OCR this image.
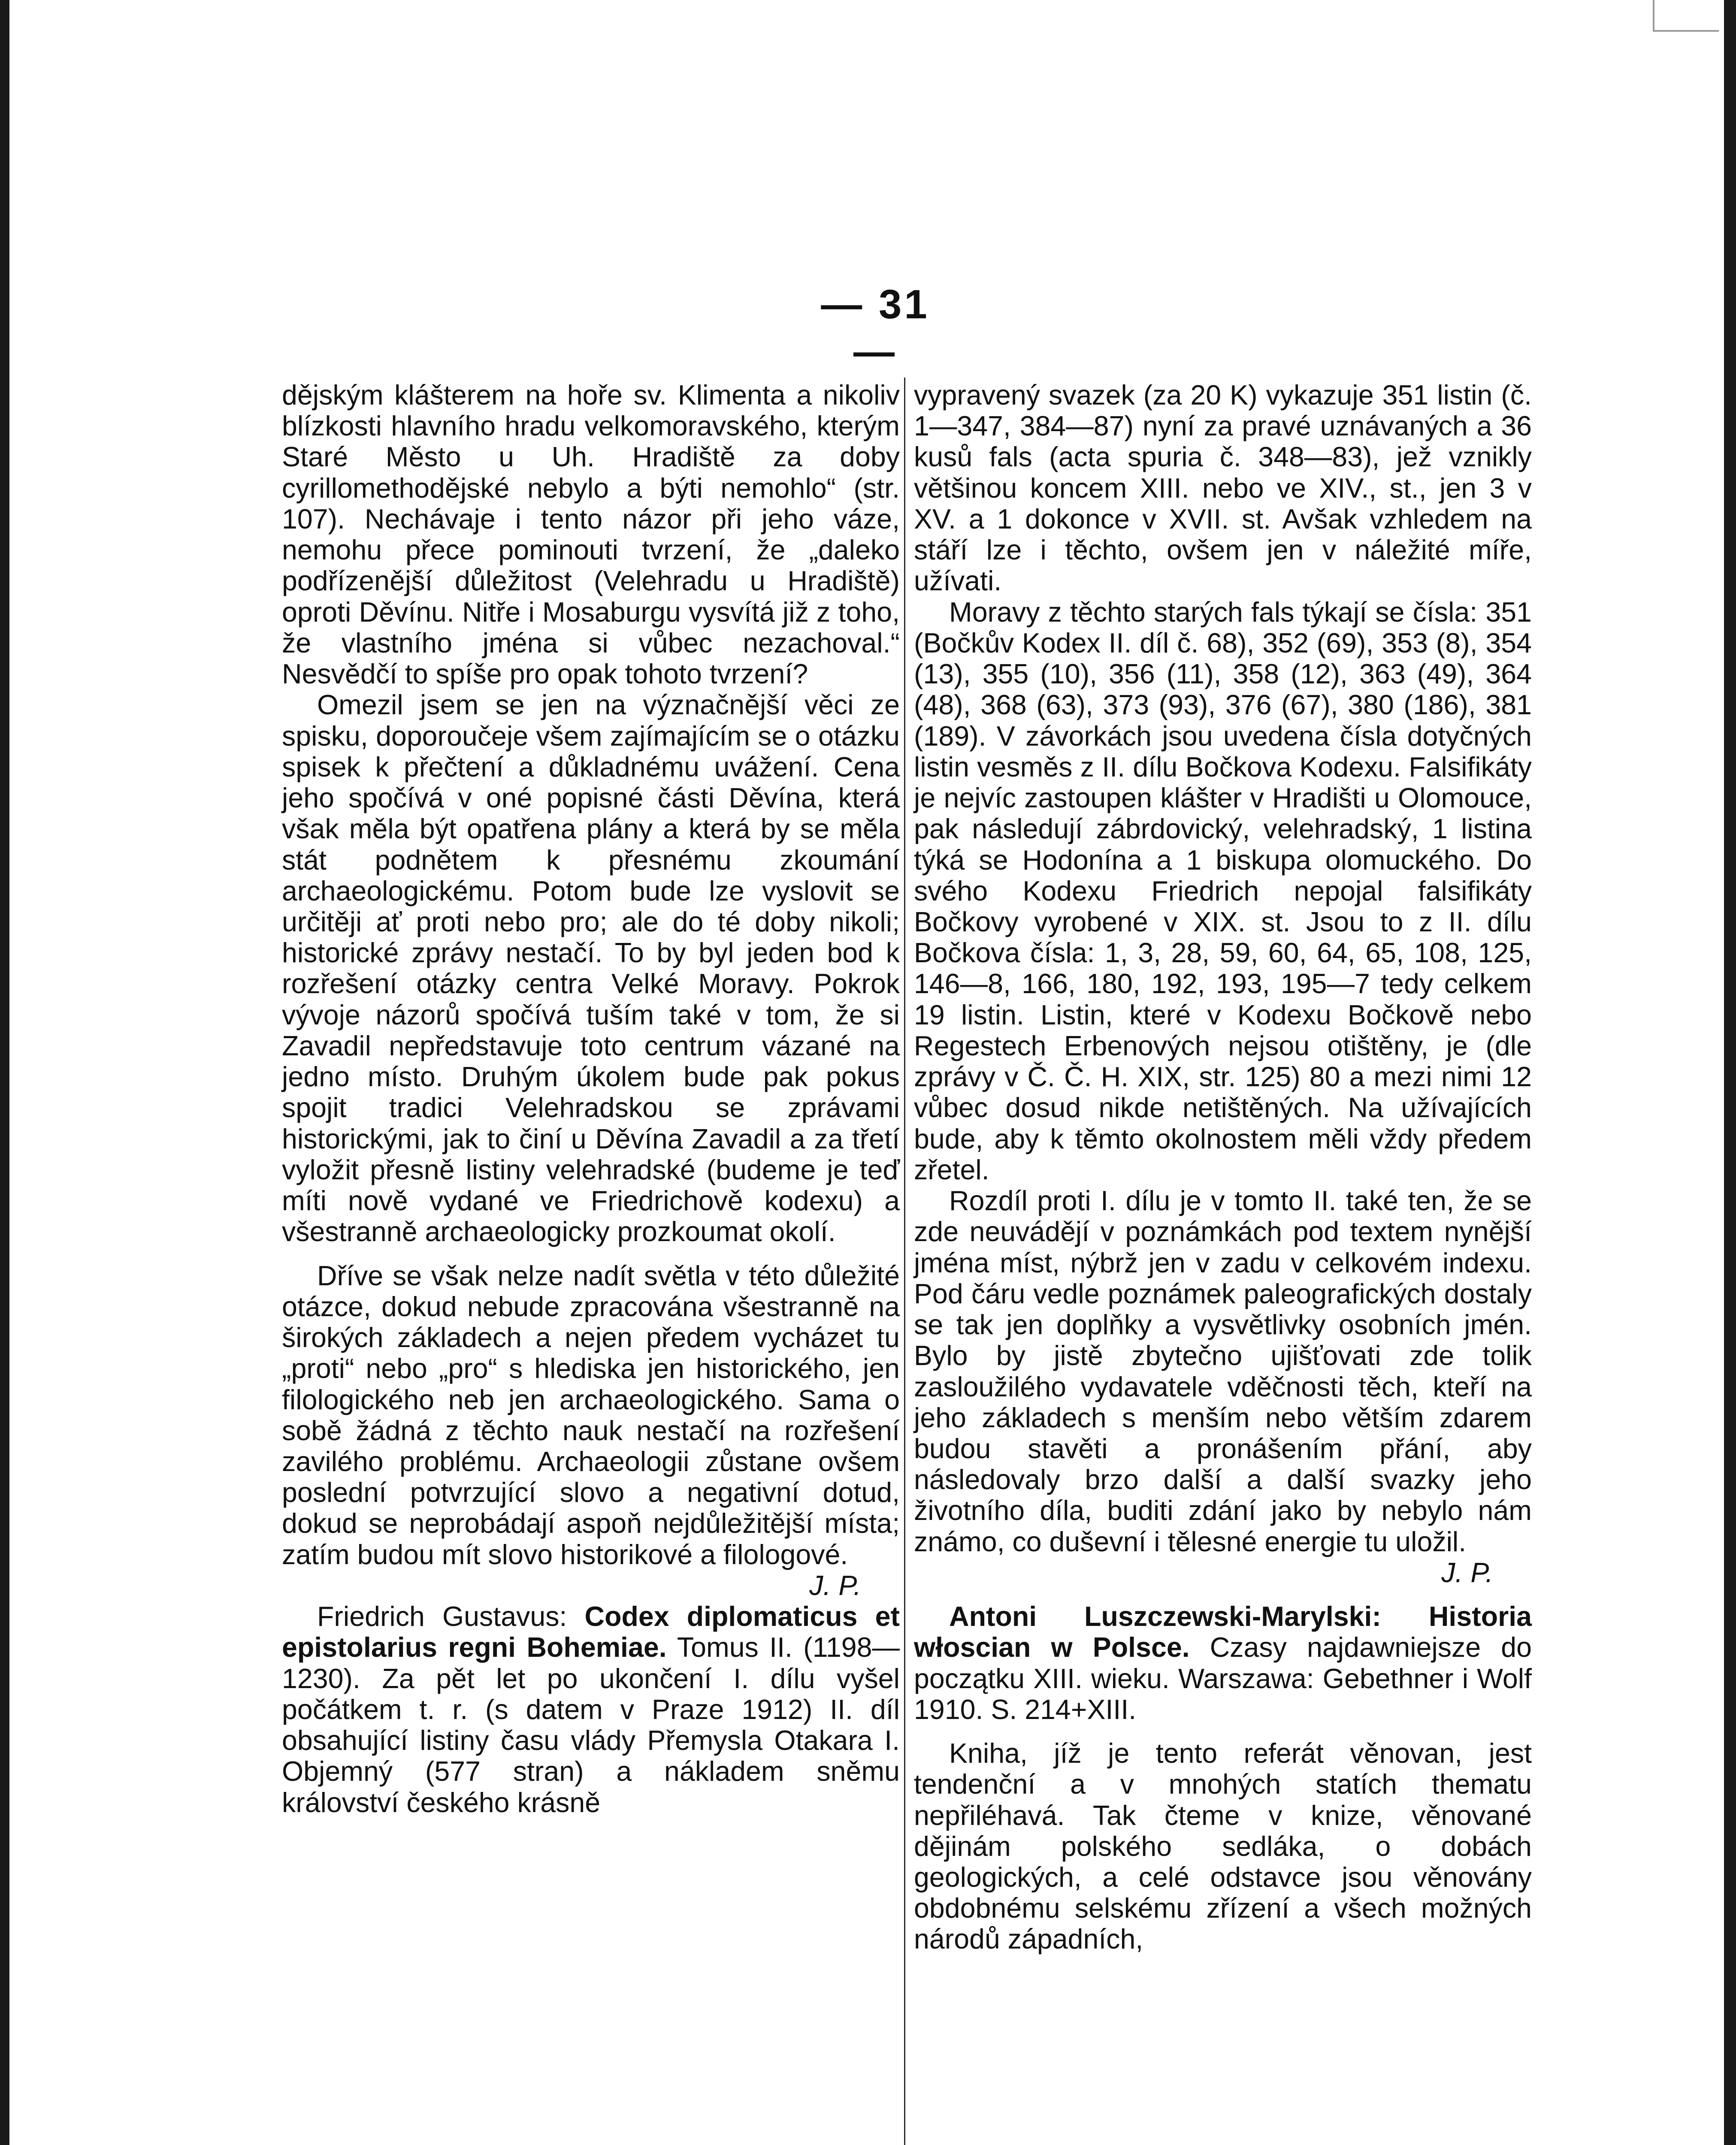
— 31 —

dějským klášterem na hoře sv. Klimenta a nikoliv blízkosti hlavního hradu velkomoravského, kterým Staré Město u Uh. Hradiště za doby cyrillomethodějské nebylo a býti nemohlo“ (str. 107). Nechávaje i tento názor při jeho váze, nemohu přece pominouti tvrzení, že „daleko podřízenější důležitost (Velehradu u Hradiště) oproti Děvínu. Nitře i Mosaburgu vysvítá již z toho, že vlastního jména si vůbec nezachoval.“ Nesvědčí to spíše pro opak tohoto tvrzení?

Omezil jsem se jen na význačnější věci ze spisku, doporoučeje všem zajímajícím se o otázku spisek k přečtení a důkladnému uvážení. Cena jeho spočívá v oné popisné části Děvína, která však měla být opatřena plány a která by se měla stát podnětem k přesnému zkoumání archaeologickému. Potom bude lze vyslovit se určitěji ať proti nebo pro; ale do té doby nikoli; historické zprávy nestačí. To by byl jeden bod k rozřešení otázky centra Velké Moravy. Pokrok vývoje názorů spočívá tuším také v tom, že si Zavadil nepředstavuje toto centrum vázané na jedno místo. Druhým úkolem bude pak pokus spojit tradici Velehradskou se zprávami historickými, jak to činí u Děvína Zavadil a za třetí vyložit přesně listiny velehradské (budeme je teď míti nově vydané ve Friedrichově kodexu) a všestranně archaeologicky prozkoumat okolí.

Dříve se však nelze nadít světla v této důležité otázce, dokud nebude zpracována všestranně na širokých základech a nejen předem vycházet tu „proti“ nebo „pro“ s hlediska jen historického, jen filologického neb jen archaeologického. Sama o sobě žádná z těchto nauk nestačí na rozřešení zavilého problému. Archaeologii zůstane ovšem poslední potvrzující slovo a negativní dotud, dokud se neprobádají aspoň nejdůležitější místa; zatím budou mít slovo historikové a filologové.
J. P.

Friedrich Gustavus: Codex diplomaticus et epistolarius regni Bohemiae. Tomus II. (1198—1230). Za pět let po ukončení I. dílu vyšel počátkem t. r. (s datem v Praze 1912) II. díl obsahující listiny času vlády Přemysla Otakara I. Objemný (577 stran) a nákladem sněmu království českého krásně

vypravený svazek (za 20 K) vykazuje 351 listin (č. 1—347, 384—87) nyní za pravé uznávaných a 36 kusů fals (acta spuria č. 348—83), jež vznikly většinou koncem XIII. nebo ve XIV., st., jen 3 v XV. a 1 dokonce v XVII. st. Avšak vzhledem na stáří lze i těchto, ovšem jen v náležité míře, užívati.

Moravy z těchto starých fals týkají se čísla: 351 (Bočkův Kodex II. díl č. 68), 352 (69), 353 (8), 354 (13), 355 (10), 356 (11), 358 (12), 363 (49), 364 (48), 368 (63), 373 (93), 376 (67), 380 (186), 381 (189). V závorkách jsou uvedena čísla dotyčných listin vesměs z II. dílu Bočkova Kodexu. Falsifikáty je nejvíc zastoupen klášter v Hradišti u Olomouce, pak následují zábrdovický, velehradský, 1 listina týká se Hodonína a 1 biskupa olomuckého. Do svého Kodexu Friedrich nepojal falsifikáty Bočkovy vyrobené v XIX. st. Jsou to z II. dílu Bočkova čísla: 1, 3, 28, 59, 60, 64, 65, 108, 125, 146—8, 166, 180, 192, 193, 195—7 tedy celkem 19 listin. Listin, které v Kodexu Bočkově nebo Regestech Erbenových nejsou otištěny, je (dle zprávy v Č. Č. H. XIX, str. 125) 80 a mezi nimi 12 vůbec dosud nikde netištěných. Na užívajících bude, aby k těmto okolnostem měli vždy předem zřetel.

Rozdíl proti I. dílu je v tomto II. také ten, že se zde neuvádějí v poznámkách pod textem nynější jména míst, nýbrž jen v zadu v celkovém indexu. Pod čáru vedle poznámek paleografických dostaly se tak jen doplňky a vysvětlivky osobních jmén. Bylo by jistě zbytečno ujišťovati zde tolik zasloužilého vydavatele vděčnosti těch, kteří na jeho základech s menším nebo větším zdarem budou stavěti a pronášením přání, aby následovaly brzo další a další svazky jeho životního díla, buditi zdání jako by nebylo nám známo, co duševní i tělesné energie tu uložil.
J. P.

Antoni Luszczewski-Marylski: Historia włoscian w Polsce. Czasy najdawniejsze do początku XIII. wieku. Warszawa: Gebethner i Wolf 1910. S. 214+XIII.

Kniha, jíž je tento referát věnovan, jest tendenční a v mnohých statích thematu nepřiléhavá. Tak čteme v knize, věnované dějinám polského sedláka, o dobách geologických, a celé odstavce jsou věnovány obdobnému selskému zřízení a všech možných národů západních,
